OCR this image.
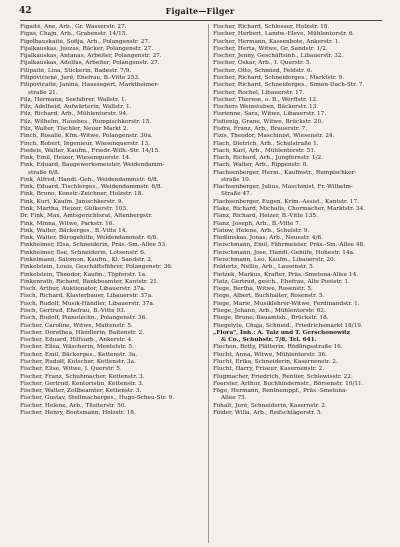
42	Figaite—Filger
Figaitě, Ane, Arb., Gr. Wasserstr. 27.
Figas, Chajn, Arb., Grabenstr. 14/15.
Figelbauskaitė, Sofija, Arb., Polangenstr. 27.
Fijalkauskas, Juozas, Bäcker, Polangenstr. 27.
Fijalkauskas, Antanas, Arbeiter, Polangenstr. 27.
Fijalkauskas, Adolfas, Arbeiter, Polangenstr. 27.
Filipaitė, Lina, Stickerin, Badestr. 7/9.
Filipovičienė, Jurė, Ehefrau, B.-Vitte 253.
Filipovičaitė, Janina, Haussegert, Marktheimer-
straße 21.
Filz, Hermann, Seefahrer, Wallstr. 1.
Filz, Adelheid, Aufwärterin, Wallstr. 1.
Filz, Richard, Arb., Mühlentorstr. 94.
Filz, Wilhelm, Hausbes., Rumpischkerstr. 15.
Filz, Walter, Tischler, Neuer Markt 2.
Finch, Rosalie, Kfm.-Witwe, Polangenstr. 30a.
Finch, Robert, Ingenieur, Wiesenquerstr. 13.
Fiedeis, Walter, Kaufm., Friedr.-Wilh.-Str. 14/15.
Fink, Emil, Heizer, Wiesenquerstr. 14.
Fink, Eduard, Baugewerksmeister, Weidendamm-
straße 6/8.
Fink, Alfred, Handl.-Geh., Weidendammstr. 6/8.
Fink, Eduard, Tischlerges., Weidendammstr. 6/8.
Fink, Bruno, Konstr.-Zeichner, Holzstr. 18.
Fink, Kurt, Kaufm. Janischkerstr. 9.
Fink, Martha, Heizer, Gülkerstr. 103.
Dr. Fink, Max, Amtsgerichtsrat, Altenbergstr.
Fink, Minna, Witwe, Parkstr. 16.
Fink, Walter, Bäckerges., B.-Vitte 14.
Fink, Walter, Bürogehilfe, Weidendammstr. 6/8.
Finkheimer, Elsa, Schneiderin, Präs.-Sm.-Allee 53.
Finkheimer, Ilse, Schneiderin, Lotsenstr. 6.
Finkelmann, Salomon, Kaufm., Kl. Sandstr. 2.
Finkelstein, Louis, Geschäftsführer, Polangenstr. 36.
Finkelstein, Theodor, Kaufm., Töpferstr. 1a.
Finkenrath, Richard, Bankbeamter, Kantstr. 21.
Fisch, Arthur, Auktionator, Libauerstr. 37a.
Fisch, Richard, Klavierbauer, Libauerstr. 37a.
Fisch, Rudolf, Musik-Händler, Libauerstr. 37a.
Fisch, Gertrud, Ehefrau, B.-Vitte 93.
Fisch, Rudolf, Pianotechn., Polangenstr. 36.
Fischer, Caroline, Witwe, Mattenstr. 5.
Fischer, Dorothea, Händlerin, Baltenstr. 2.
Fischer, Eduard, Hilfsarb., Ankerstr. 4.
Fischer, Elisa, Wäscherin, Mentelstr. 5.
Fischer, Emil, Bäckerges., Kettenstr. 3a.
Fischer, Rudolf, Kutscher, Kettenstr. 3a.
Fischer, Elise, Witwe, I. Querstr. 5.
Fischer, Franz, Schuhmacher, Kettenstr. 3.
Fischer, Gertrud, Kontoristin, Kettenstr. 3.
Fischer, Walter, Zollbeamter, Kettenstr. 3.
Fischer, Gustav, Stellmacherges., Hugo-Scheu-Str. 9.
Fischer, Helene, Arb., Tilsiterstr. 50.
Fischer, Henry, Bootsmann, Holzstr. 18.
Fischer, Richard, Schlosser, Holzstr. 18.
Fischer, Herbert, Landw.-Eleve, Mühlentorstr. 6.
Fischer, Hermann, Kassenbote, Ankerstr. 1.
Fischer, Herta, Witwe, Gr. Sandstr. 1/2.
Fischer, Jenny, Geschäftsinh., Libauerstr. 32.
Fischer, Oskar, Arb., I. Querstr. 5.
Fischer, Otto, Schmied, Feldstr. 6.
Fischer, Richard, Schneiderges., Marktstr. 9.
Fischer, Richard, Schneiderges., Simon-Dach-Str. 7.
Fischer, Rochel, Libauerstr. 17.
Fischer, Therese, o. B., Werftstr. 12.
Fischers Weinstuben, Bäckerstr. 13.
Fisrienne, Sara, Witwe, Libauerstr. 17.
Fisfienig, Grane, Witwe, Brückstr. 20.
Fisfra, Franz, Arb., Brauerstr. 7.
Fizis, Theodor, Maschinist, Wiesenstr. 24.
Flach, Dietrich, Arb., Schulstraße 1.
Flach, Karl, Arb., Mühlentorstr. 51.
Flach, Richard, Arb., Jungfernstr. 1/2.
Flach, Walter, Arb., Rippenstr. 6.
Flachsenberger, Herm., Kaufmstr., Rumpischker-
straße 10.
Flachsenberger, Julius, Maschinist, Fr.-Wilhelm-
Straße 47.
Flachsenberger, Eugen, Krim.-Assist., Kantstr. 17.
Flake, Richard, Michalis, Chormacher, Marktstr. 34.
Flanz, Richard, Heizer, B.-Vitte 135.
Flanz, Joseph, Arb., B.-Vitte 7.
Flatow, Helene, Arb., Schulstr. 9.
Fledlinskas, Jonas, Arb., Neuestr. 4/6.
Fleischmann, Emil, Fährmeister, Präs.-Sm.-Allee 48.
Fleischmann, Jose, Handl.-Gehilfe, Hohestr. 14a.
Fleischmann, Leo, Kaufm., Libauerstr. 20.
Feldertz, Nellie, Arb., Lassenstr. 5.
Fietzek, Markus, Krafter, Präs.-Smetona-Allee 14.
Flatz, Gertrud, gesch., Ehefrau, Alte Poststr. 1.
Fiege, Bertha, Witwe, Rosenstr. 5.
Fiege, Albert, Buchhalter, Rosenstr. 5.
Fiege, Marie, Musiklehrer-Witwe, Ferdinandstr. 1.
Fliege, Johann, Arb., Mühlentorstr. 62.
Fliege, Bruno, Bauamtsh., Brückstr. 18.
Fliegelyte, Chaja, Schneid., Friedrichsmarkt 18/19.
„Flora", Inh.: A. Talz und T. Gerschonowitz
& Co., Schuhstr. 7/8, Tel. 641.
Flechon, Betty, Plätterin, Rödlingsstraße 16.
Flucht, Anna, Witwe, Mühlentorstr. 36.
Flucht, Erika, Schneiderin, Kasernenstr. 2.
Flucht, Harry, Friseur, Kasernenstr. 2.
Flugmacher, Friedrich, Rentier, Schlewisstr. 22.
Foerster, Arthur, Buchhindernstr., Börsenstr. 10/11.
Föge, Hermann, Rentnemppf., Präs.-Smetona-
Allee 75.
Fohalt, Jurė, Schneiderin, Kasernstr. 2.
Földer, Willa, Arb., Reifschlägerstr. 5.
